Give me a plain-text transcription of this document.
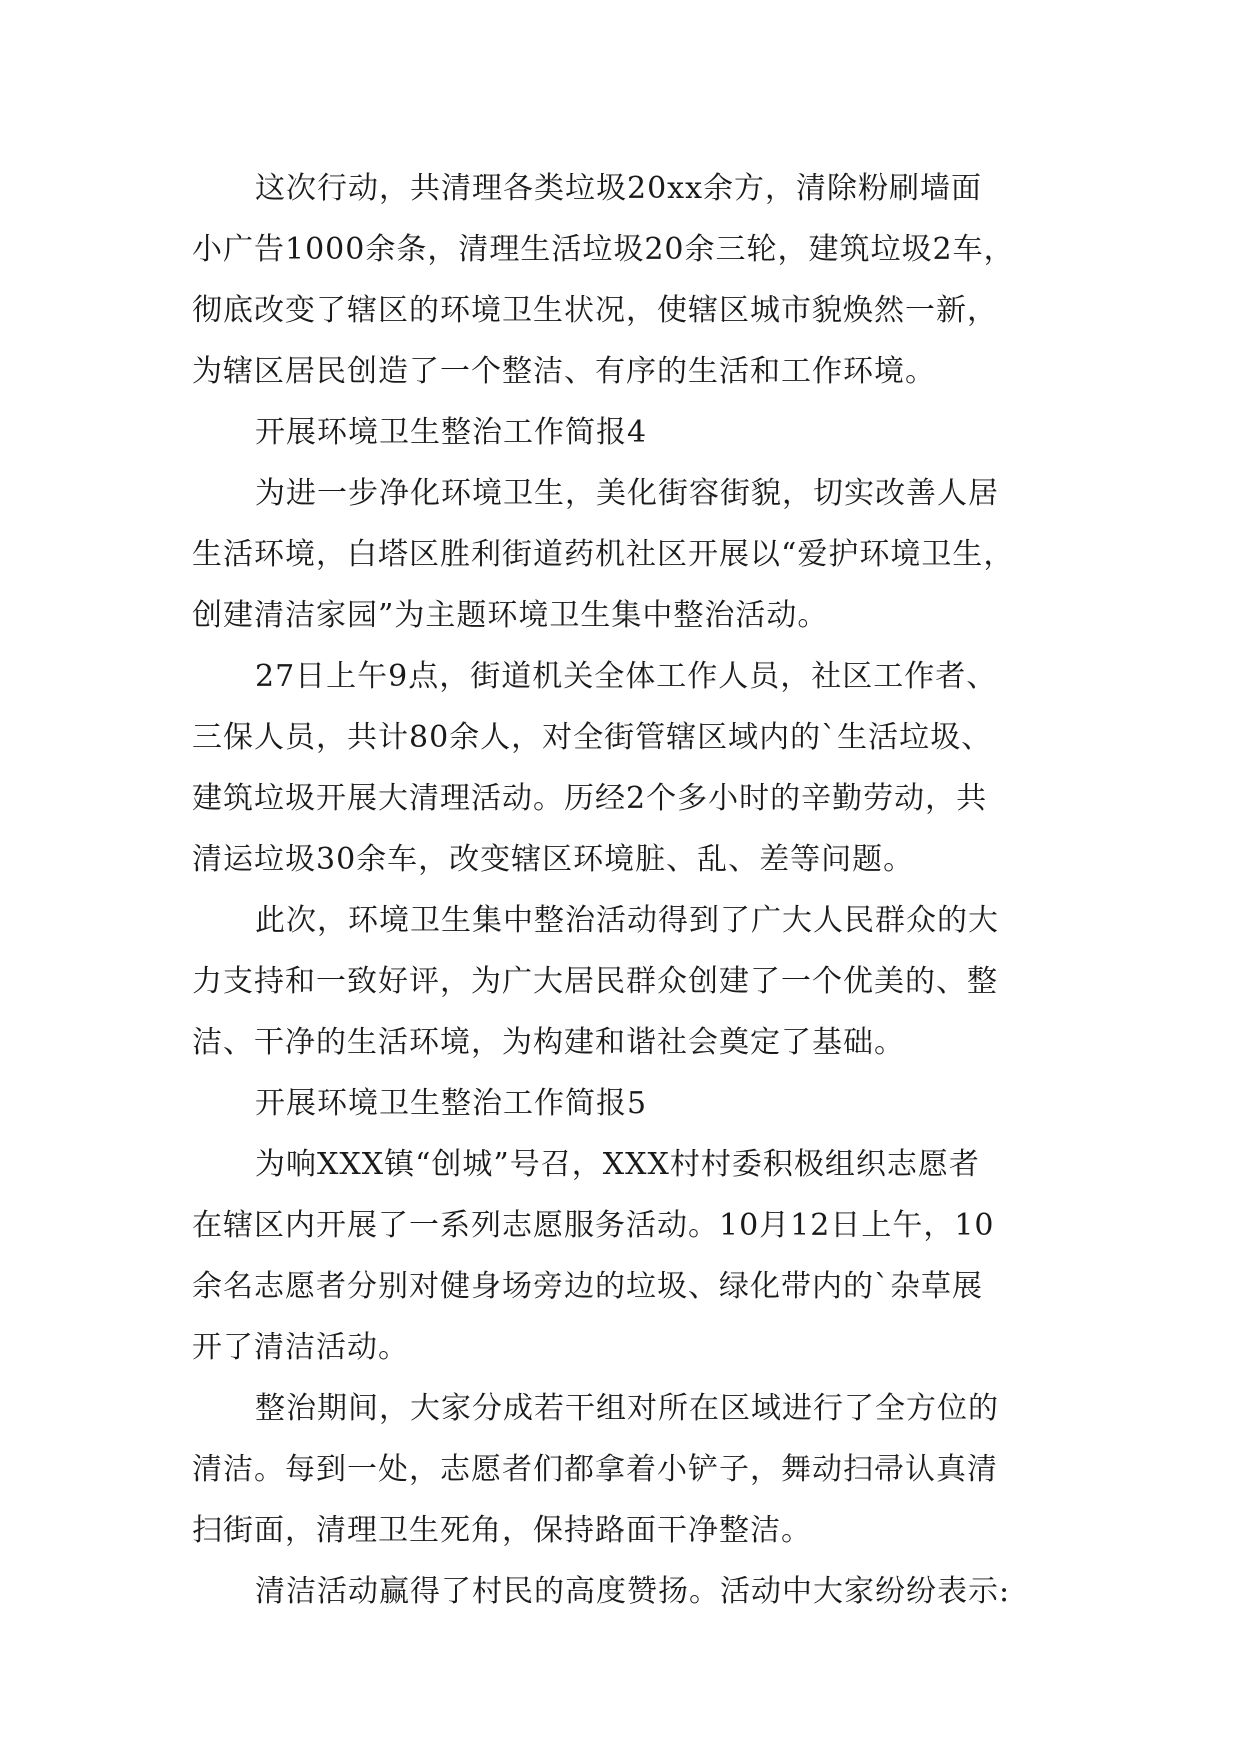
这次行动，共清理各类垃圾20xx余方，清除粉刷墙面
小广告1000余条，清理生活垃圾20余三轮，建筑垃圾2车，
彻底改变了辖区的环境卫生状况，使辖区城市貌焕然一新，
为辖区居民创造了一个整洁、有序的生活和工作环境。
开展环境卫生整治工作简报4
为进一步净化环境卫生，美化街容街貌，切实改善人居
生活环境，白塔区胜利街道药机社区开展以“爱护环境卫生，
创建清洁家园”为主题环境卫生集中整治活动。
27日上午9点，街道机关全体工作人员，社区工作者、
三保人员，共计80余人，对全街管辖区域内的`生活垃圾、
建筑垃圾开展大清理活动。历经2个多小时的辛勤劳动，共
清运垃圾30余车，改变辖区环境脏、乱、差等问题。
此次，环境卫生集中整治活动得到了广大人民群众的大
力支持和一致好评，为广大居民群众创建了一个优美的、整
洁、干净的生活环境，为构建和谐社会奠定了基础。
开展环境卫生整治工作简报5
为响XXX镇“创城”号召，XXX村村委积极组织志愿者
在辖区内开展了一系列志愿服务活动。10月12日上午，10
余名志愿者分别对健身场旁边的垃圾、绿化带内的`杂草展
开了清洁活动。
整治期间，大家分成若干组对所在区域进行了全方位的
清洁。每到一处，志愿者们都拿着小铲子，舞动扫帚认真清
扫街面，清理卫生死角，保持路面干净整洁。
清洁活动赢得了村民的高度赞扬。活动中大家纷纷表示:
